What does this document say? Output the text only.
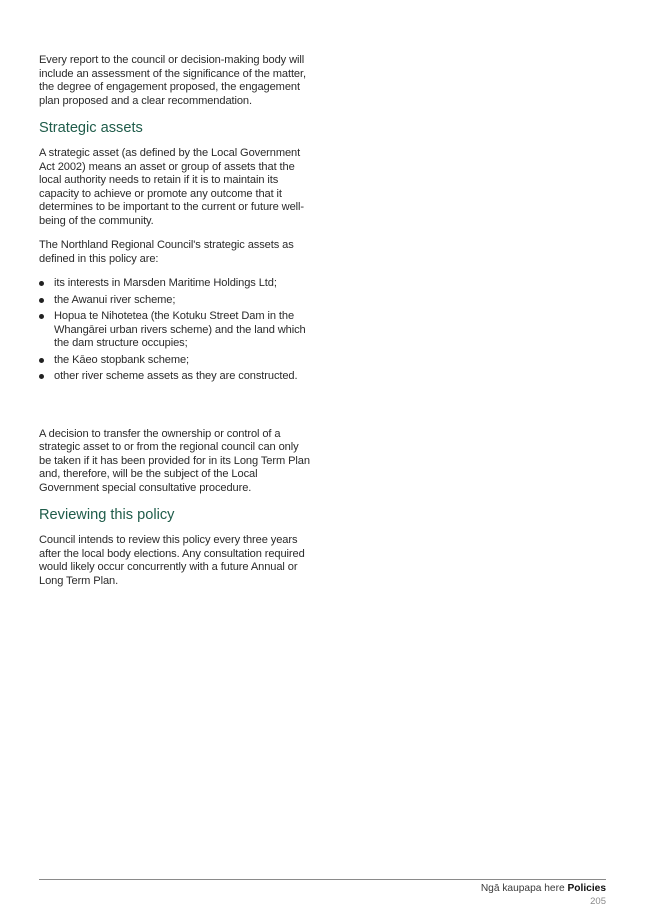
Every report to the council or decision-making body will include an assessment of the significance of the matter, the degree of engagement proposed, the engagement plan proposed and a clear recommendation.

Strategic assets

A strategic asset (as defined by the Local Government Act 2002) means an asset or group of assets that the local authority needs to retain if it is to maintain its capacity to achieve or promote any outcome that it determines to be important to the current or future well-being of the community.

The Northland Regional Council's strategic assets as defined in this policy are:

its interests in Marsden Maritime Holdings Ltd;
the Awanui river scheme;
Hopua te Nihotetea (the Kotuku Street Dam in the Whangārei urban rivers scheme) and the land which the dam structure occupies;
the Kāeo stopbank scheme;
other river scheme assets as they are constructed.

A decision to transfer the ownership or control of a strategic asset to or from the regional council can only be taken if it has been provided for in its Long Term Plan and, therefore, will be the subject of the Local Government special consultative procedure.

Reviewing this policy

Council intends to review this policy every three years after the local body elections. Any consultation required would likely occur concurrently with a future Annual or Long Term Plan.

Ngā kaupapa here Policies
205
